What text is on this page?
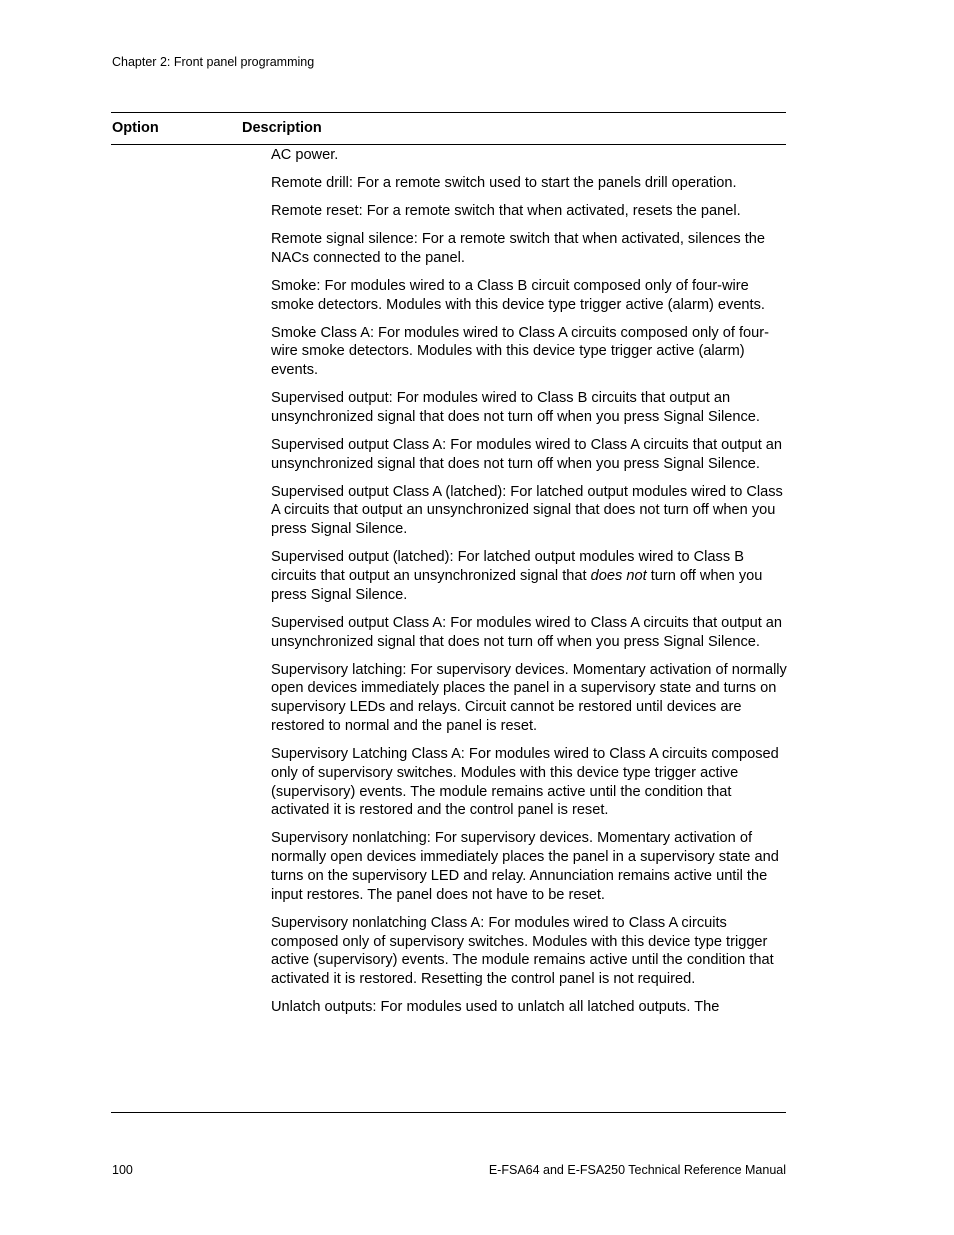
Chapter 2: Front panel programming
Option	Description
AC power.
Remote drill: For a remote switch used to start the panels drill operation.
Remote reset: For a remote switch that when activated, resets the panel.
Remote signal silence: For a remote switch that when activated, silences the NACs connected to the panel.
Smoke: For modules wired to a Class B circuit composed only of four-wire smoke detectors. Modules with this device type trigger active (alarm) events.
Smoke Class A: For modules wired to Class A circuits composed only of four-wire smoke detectors. Modules with this device type trigger active (alarm) events.
Supervised output: For modules wired to Class B circuits that output an unsynchronized signal that does not turn off when you press Signal Silence.
Supervised output Class A: For modules wired to Class A circuits that output an unsynchronized signal that does not turn off when you press Signal Silence.
Supervised output Class A (latched): For latched output modules wired to Class A circuits that output an unsynchronized signal that does not turn off when you press Signal Silence.
Supervised output (latched): For latched output modules wired to Class B circuits that output an unsynchronized signal that does not turn off when you press Signal Silence.
Supervised output Class A: For modules wired to Class A circuits that output an unsynchronized signal that does not turn off when you press Signal Silence.
Supervisory latching: For supervisory devices. Momentary activation of normally open devices immediately places the panel in a supervisory state and turns on supervisory LEDs and relays. Circuit cannot be restored until devices are restored to normal and the panel is reset.
Supervisory Latching Class A: For modules wired to Class A circuits composed only of supervisory switches. Modules with this device type trigger active (supervisory) events. The module remains active until the condition that activated it is restored and the control panel is reset.
Supervisory nonlatching: For supervisory devices. Momentary activation of normally open devices immediately places the panel in a supervisory state and turns on the supervisory LED and relay. Annunciation remains active until the input restores. The panel does not have to be reset.
Supervisory nonlatching Class A: For modules wired to Class A circuits composed only of supervisory switches. Modules with this device type trigger active (supervisory) events. The module remains active until the condition that activated it is restored. Resetting the control panel is not required.
Unlatch outputs: For modules used to unlatch all latched outputs. The
100	E-FSA64 and E-FSA250 Technical Reference Manual
